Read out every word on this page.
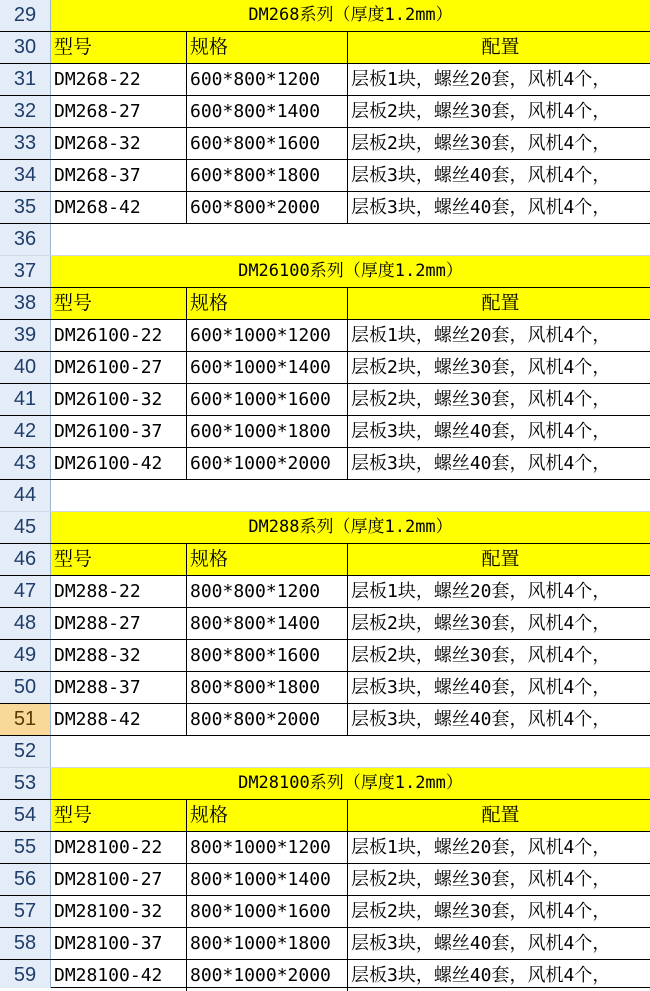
29	DM268系列（厚度1.2mm）
30 型号	规格	配置
31 DM268-22	600*800*1200	层板1块，螺丝20套，风机4个，
32 DM268-27	600*800*1400	层板2块，螺丝30套，风机4个，
33 DM268-32	600*800*1600	层板2块，螺丝30套，风机4个，
34 DM268-37	600*800*1800	层板3块，螺丝40套，风机4个，
35 DM268-42	600*800*2000	层板3块，螺丝40套，风机4个，
36
37	DM26100系列（厚度1.2mm）
38 型号	规格	配置
39 DM26100-22	600*1000*1200	层板1块，螺丝20套，风机4个，
40 DM26100-27	600*1000*1400	层板2块，螺丝30套，风机4个，
41 DM26100-32	600*1000*1600	层板2块，螺丝30套，风机4个，
42 DM26100-37	600*1000*1800	层板3块，螺丝40套，风机4个，
43 DM26100-42	600*1000*2000	层板3块，螺丝40套，风机4个，
44
45	DM288系列（厚度1.2mm）
46 型号	规格	配置
47 DM288-22	800*800*1200	层板1块，螺丝20套，风机4个，
48 DM288-27	800*800*1400	层板2块，螺丝30套，风机4个，
49 DM288-32	800*800*1600	层板2块，螺丝30套，风机4个，
50 DM288-37	800*800*1800	层板3块，螺丝40套，风机4个，
51 DM288-42	800*800*2000	层板3块，螺丝40套，风机4个，
52
53	DM28100系列（厚度1.2mm）
54 型号	规格	配置
55 DM28100-22	800*1000*1200	层板1块，螺丝20套，风机4个，
56 DM28100-27	800*1000*1400	层板2块，螺丝30套，风机4个，
57 DM28100-32	800*1000*1600	层板2块，螺丝30套，风机4个，
58 DM28100-37	800*1000*1800	层板3块，螺丝40套，风机4个，
59 DM28100-42	800*1000*2000	层板3块，螺丝40套，风机4个，
